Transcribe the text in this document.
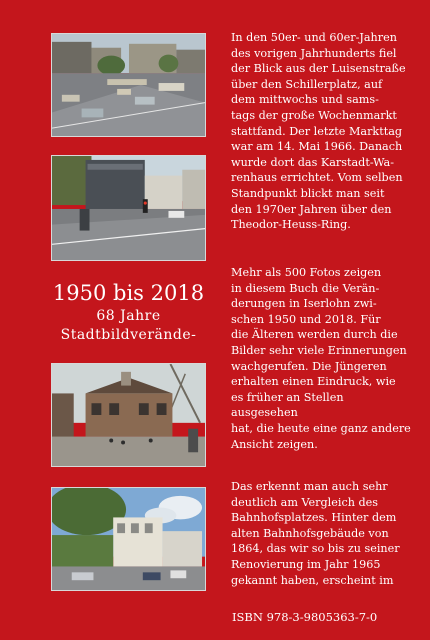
1950 bis 2018
68 Jahre
Stadtbildverände-

In den 50er- und 60er-Jahren
des vorigen Jahrhunderts fiel
der Blick aus der Luisenstraße
über den Schillerplatz, auf
dem mittwochs und sams-
tags der große Wochenmarkt
stattfand. Der letzte Markttag
war am 14. Mai 1966. Danach
wurde dort das Karstadt-Wa-
renhaus errichtet. Vom selben
Standpunkt blickt man seit
den 1970er Jahren über den
Theodor-Heuss-Ring.

Mehr als 500 Fotos zeigen
in diesem Buch die Verän-
derungen in Iserlohn zwi-
schen 1950 und 2018. Für
die Älteren werden durch die
Bilder sehr viele Erinnerungen
wachgerufen. Die Jüngeren
erhalten einen Eindruck, wie
es früher an Stellen ausgesehen
hat, die heute eine ganz andere
Ansicht zeigen.

Das erkennt man auch sehr
deutlich am Vergleich des
Bahnhofsplatzes. Hinter dem
alten Bahnhofsgebäude von
1864, das wir so bis zu seiner
Renovierung im Jahr 1965
gekannt haben, erscheint im

ISBN 978-3-9805363-7-0
